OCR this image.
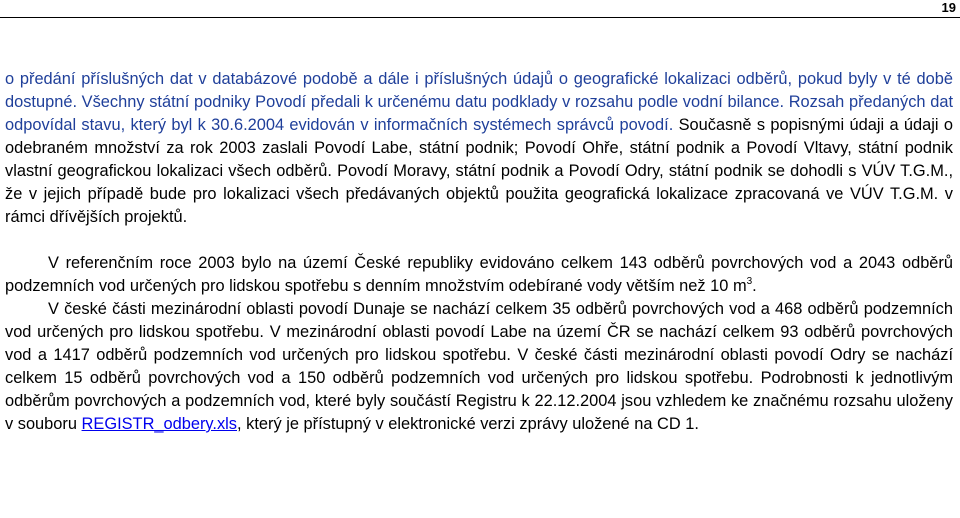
19

o předání příslušných dat v databázové podobě a dále i příslušných údajů o geografické lokalizaci odběrů, pokud byly v té době dostupné. Všechny státní podniky Povodí předali k určenému datu podklady v rozsahu podle vodní bilance. Rozsah předaných dat odpovídal stavu, který byl k 30.6.2004 evidován v informačních systémech správců povodí. Současně s popisnými údaji a údaji o odebraném množství za rok 2003 zaslali Povodí Labe, státní podnik; Povodí Ohře, státní podnik a Povodí Vltavy, státní podnik vlastní geografickou lokalizaci všech odběrů. Povodí Moravy, státní podnik a Povodí Odry, státní podnik se dohodli s VÚV T.G.M., že v jejich případě bude pro lokalizaci všech předávaných objektů použita geografická lokalizace zpracovaná ve VÚV T.G.M. v rámci dřívějších projektů.

V referenčním roce 2003 bylo na území České republiky evidováno celkem 143 odběrů povrchových vod a 2043 odběrů podzemních vod určených pro lidskou spotřebu s denním množstvím odebírané vody větším než 10 $m^3$.

V české části mezinárodní oblasti povodí Dunaje se nachází celkem 35 odběrů povrchových vod a 468 odběrů podzemních vod určených pro lidskou spotřebu. V mezinárodní oblasti povodí Labe na území ČR se nachází celkem 93 odběrů povrchových vod a 1417 odběrů podzemních vod určených pro lidskou spotřebu. V české části mezinárodní oblasti povodí Odry se nachází celkem 15 odběrů povrchových vod a 150 odběrů podzemních vod určených pro lidskou spotřebu. Podrobnosti k jednotlivým odběrům povrchových a podzemních vod, které byly součástí Registru k 22.12.2004 jsou vzhledem ke značnému rozsahu uloženy v souboru REGISTR_odbery.xls, který je přístupný v elektronické verzi zprávy uložené na CD 1.
